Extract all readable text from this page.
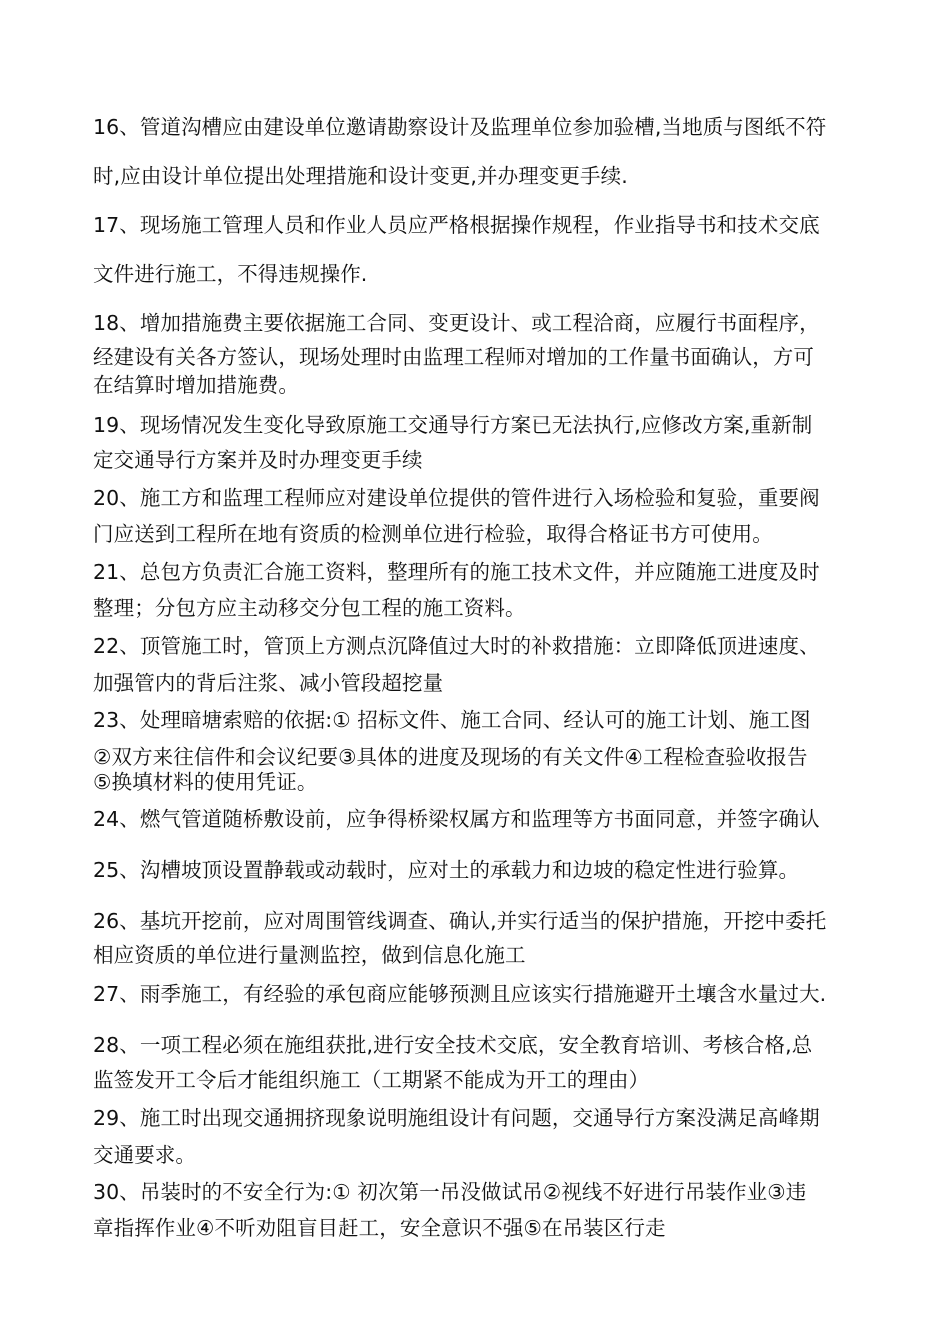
16、管道沟槽应由建设单位邀请勘察设计及监理单位参加验槽,当地质与图纸不符
时,应由设计单位提出处理措施和设计变更,并办理变更手续.
17、现场施工管理人员和作业人员应严格根据操作规程，作业指导书和技术交底
文件进行施工，不得违规操作.
18、增加措施费主要依据施工合同、变更设计、或工程洽商，应履行书面程序，
经建设有关各方签认，现场处理时由监理工程师对增加的工作量书面确认，方可
在结算时增加措施费。
19、现场情况发生变化导致原施工交通导行方案已无法执行,应修改方案,重新制
定交通导行方案并及时办理变更手续
20、施工方和监理工程师应对建设单位提供的管件进行入场检验和复验，重要阀
门应送到工程所在地有资质的检测单位进行检验，取得合格证书方可使用。
21、总包方负责汇合施工资料，整理所有的施工技术文件，并应随施工进度及时
整理；分包方应主动移交分包工程的施工资料。
22、顶管施工时，管顶上方测点沉降值过大时的补救措施：立即降低顶进速度、
加强管内的背后注浆、减小管段超挖量
23、处理暗塘索赔的依据:① 招标文件、施工合同、经认可的施工计划、施工图
②双方来往信件和会议纪要③具体的进度及现场的有关文件④工程检查验收报告
⑤换填材料的使用凭证。
24、燃气管道随桥敷设前，应争得桥梁权属方和监理等方书面同意，并签字确认
25、沟槽坡顶设置静载或动载时，应对土的承载力和边坡的稳定性进行验算。
26、基坑开挖前，应对周围管线调查、确认,并实行适当的保护措施，开挖中委托
相应资质的单位进行量测监控，做到信息化施工
27、雨季施工，有经验的承包商应能够预测且应该实行措施避开土壤含水量过大.
28、一项工程必须在施组获批,进行安全技术交底，安全教育培训、考核合格,总
监签发开工令后才能组织施工（工期紧不能成为开工的理由）
29、施工时出现交通拥挤现象说明施组设计有问题，交通导行方案没满足高峰期
交通要求。
30、吊装时的不安全行为:① 初次第一吊没做试吊②视线不好进行吊装作业③违
章指挥作业④不听劝阻盲目赶工，安全意识不强⑤在吊装区行走
